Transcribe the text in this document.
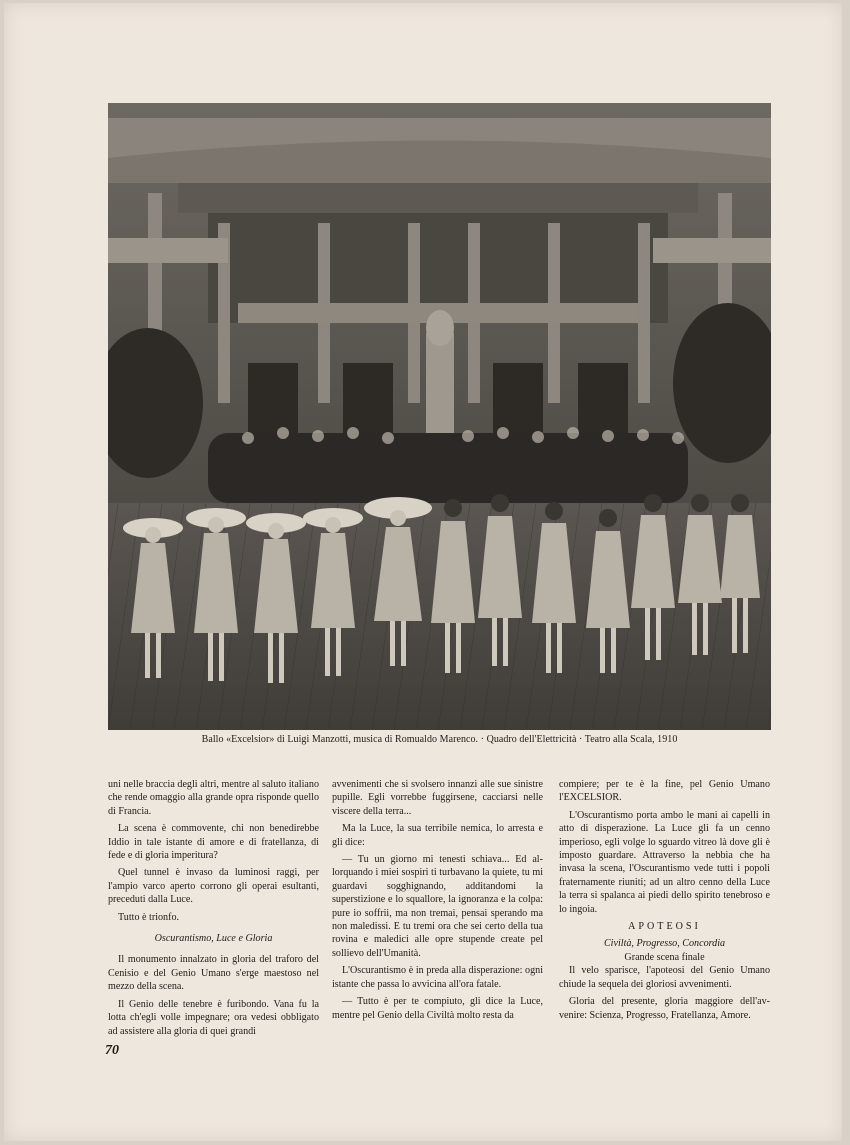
Ballo «Excelsior» di Luigi Manzotti, musica di Romualdo Marenco. · Quadro dell'Elettricità · Teatro alla Scala, 1910

uni nelle braccia degli altri, mentre al saluto italiano che rende omaggio alla grande opra risponde quello di Francia.

La scena è commovente, chi non benedirebbe Iddio in tale istante di amore e di fratellanza, di fede e di gloria imperitura?

Quel tunnel è invaso da luminosi raggi, per l'ampio varco aperto corrono gli operai esultanti, preceduti dalla Luce.

Tutto è trionfo.

Oscurantismo, Luce e Gloria

Il monumento innalzato in gloria del traforo del Cenisio e del Genio Umano s'erge maestoso nel mezzo della scena.

Il Genio delle tenebre è furibondo. Vana fu la lotta ch'egli volle impegnare; ora vedesi obbligato ad assistere alla gloria di quei grandi

avvenimenti che si svolsero innanzi alle sue sinistre pupille. Egli vorrebbe fuggirsene, cacciarsi nelle viscere della terra...

Ma la Luce, la sua terribile nemica, lo arresta e gli dice:

— Tu un giorno mi tenesti schiava... Ed allorquando i miei sospiri ti turbavano la quiete, tu mi guardavi sogghignando, additandomi la superstizione e lo squallore, la ignoranza e la colpa: pure io soffrii, ma non tremai, pensai sperando ma non maledissi. E tu tremi ora che sei certo della tua rovina e maledici alle opre stupende create pel sollievo dell'Umanità.

L'Oscurantismo è in preda alla disperazione: ogni istante che passa lo avvicina all'ora fatale.

— Tutto è per te compiuto, gli dice la Luce, mentre pel Genio della Civiltà molto resta da

compiere; per te è la fine, pel Genio Umano l'EXCELSIOR.

L'Oscurantismo porta ambo le mani ai capelli in atto di disperazione. La Luce gli fa un cenno imperioso, egli volge lo sguardo vitreo là dove gli è imposto guardare. Attraverso la nebbia che ha invasa la scena, l'Oscurantismo vede tutti i popoli fraternamente riuniti; ad un altro cenno della Luce la terra si spalanca ai piedi dello spirito tenebroso e lo ingoia.

APOTEOSI

Civiltà, Progresso, Concordia

Grande scena finale

Il velo sparisce, l'apoteosi del Genio Umano chiude la sequela dei gloriosi avvenimenti.

Gloria del presente, gloria maggiore dell'avvenire: Scienza, Progresso, Fratellanza, Amore.

70
